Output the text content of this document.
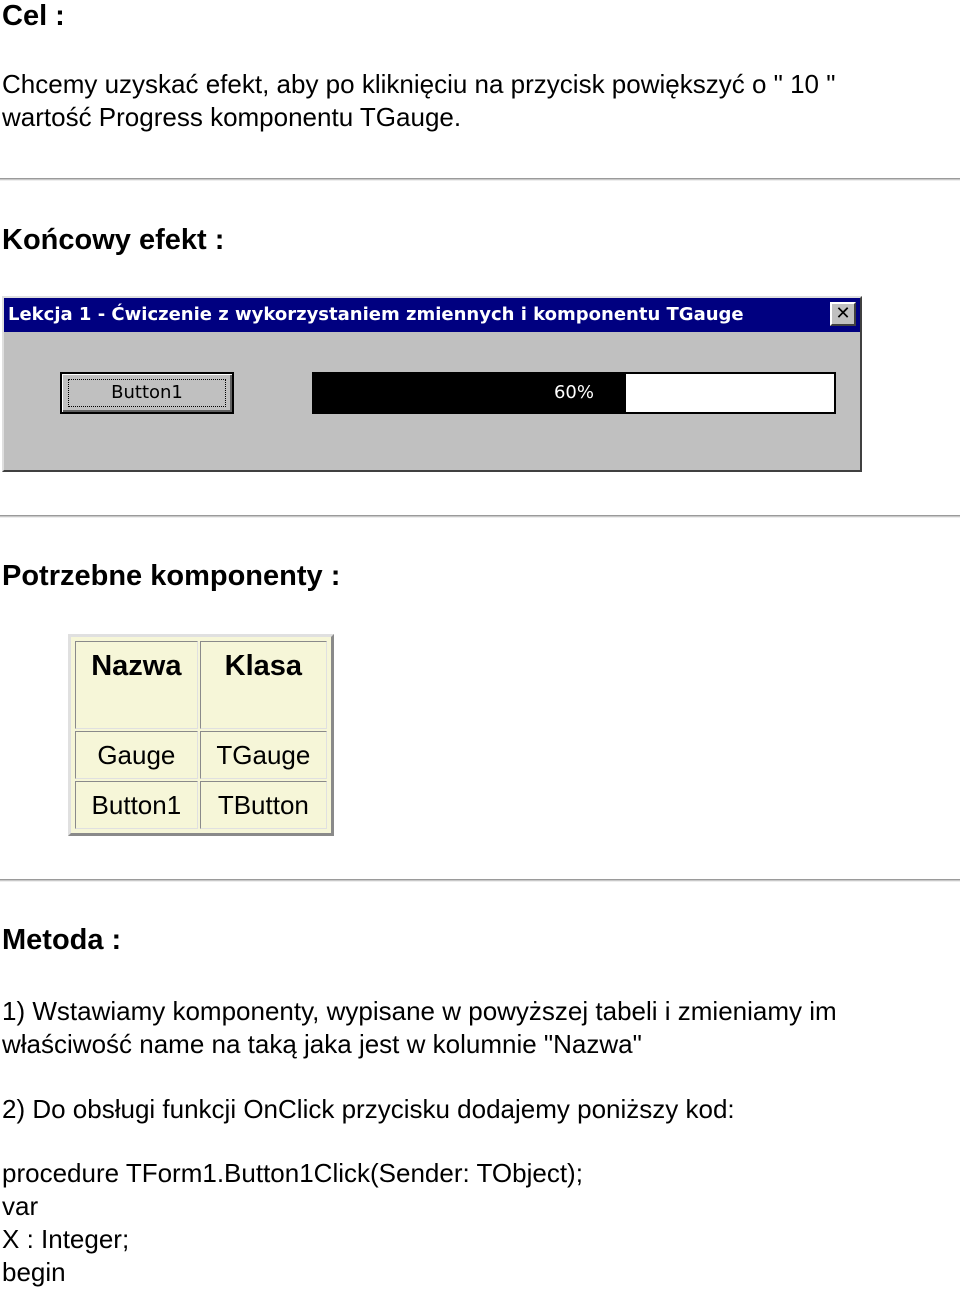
Cel :

Chcemy uzyskać efekt, aby po kliknięciu na przycisk powiększyć o " 10 "
wartość Progress komponentu TGauge.

Końcowy efekt :
Lekcja 1 - Ćwiczenie z wykorzystaniem zmiennych i komponentu TGauge	✕
Button1	60%
Potrzebne komponenty :
Nazwa	Klasa
Gauge	TGauge
Button1	TButton
Metoda :

1) Wstawiamy komponenty, wypisane w powyższej tabeli i zmieniamy im
właściwość name na taką jaka jest w kolumnie "Nazwa"

2) Do obsługi funkcji OnClick przycisku dodajemy poniższy kod:

procedure TForm1.Button1Click(Sender: TObject);
var
X : Integer;
begin
